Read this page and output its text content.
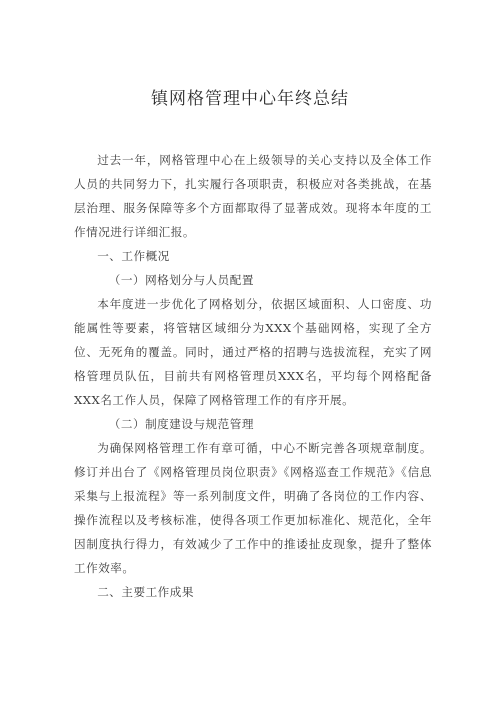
镇网格管理中心年终总结

过去一年，网格管理中心在上级领导的关心支持以及全体工作人员的共同努力下，扎实履行各项职责，积极应对各类挑战，在基层治理、服务保障等多个方面都取得了显著成效。现将本年度的工作情况进行详细汇报。

一、工作概况
（一）网格划分与人员配置

本年度进一步优化了网格划分，依据区域面积、人口密度、功能属性等要素，将管辖区域细分为XXX个基础网格，实现了全方位、无死角的覆盖。同时，通过严格的招聘与选拔流程，充实了网格管理员队伍，目前共有网格管理员XXX名，平均每个网格配备XXX名工作人员，保障了网格管理工作的有序开展。

（二）制度建设与规范管理

为确保网格管理工作有章可循，中心不断完善各项规章制度。修订并出台了《网格管理员岗位职责》《网格巡查工作规范》《信息采集与上报流程》等一系列制度文件，明确了各岗位的工作内容、操作流程以及考核标准，使得各项工作更加标准化、规范化，全年因制度执行得力，有效减少了工作中的推诿扯皮现象，提升了整体工作效率。

二、主要工作成果
